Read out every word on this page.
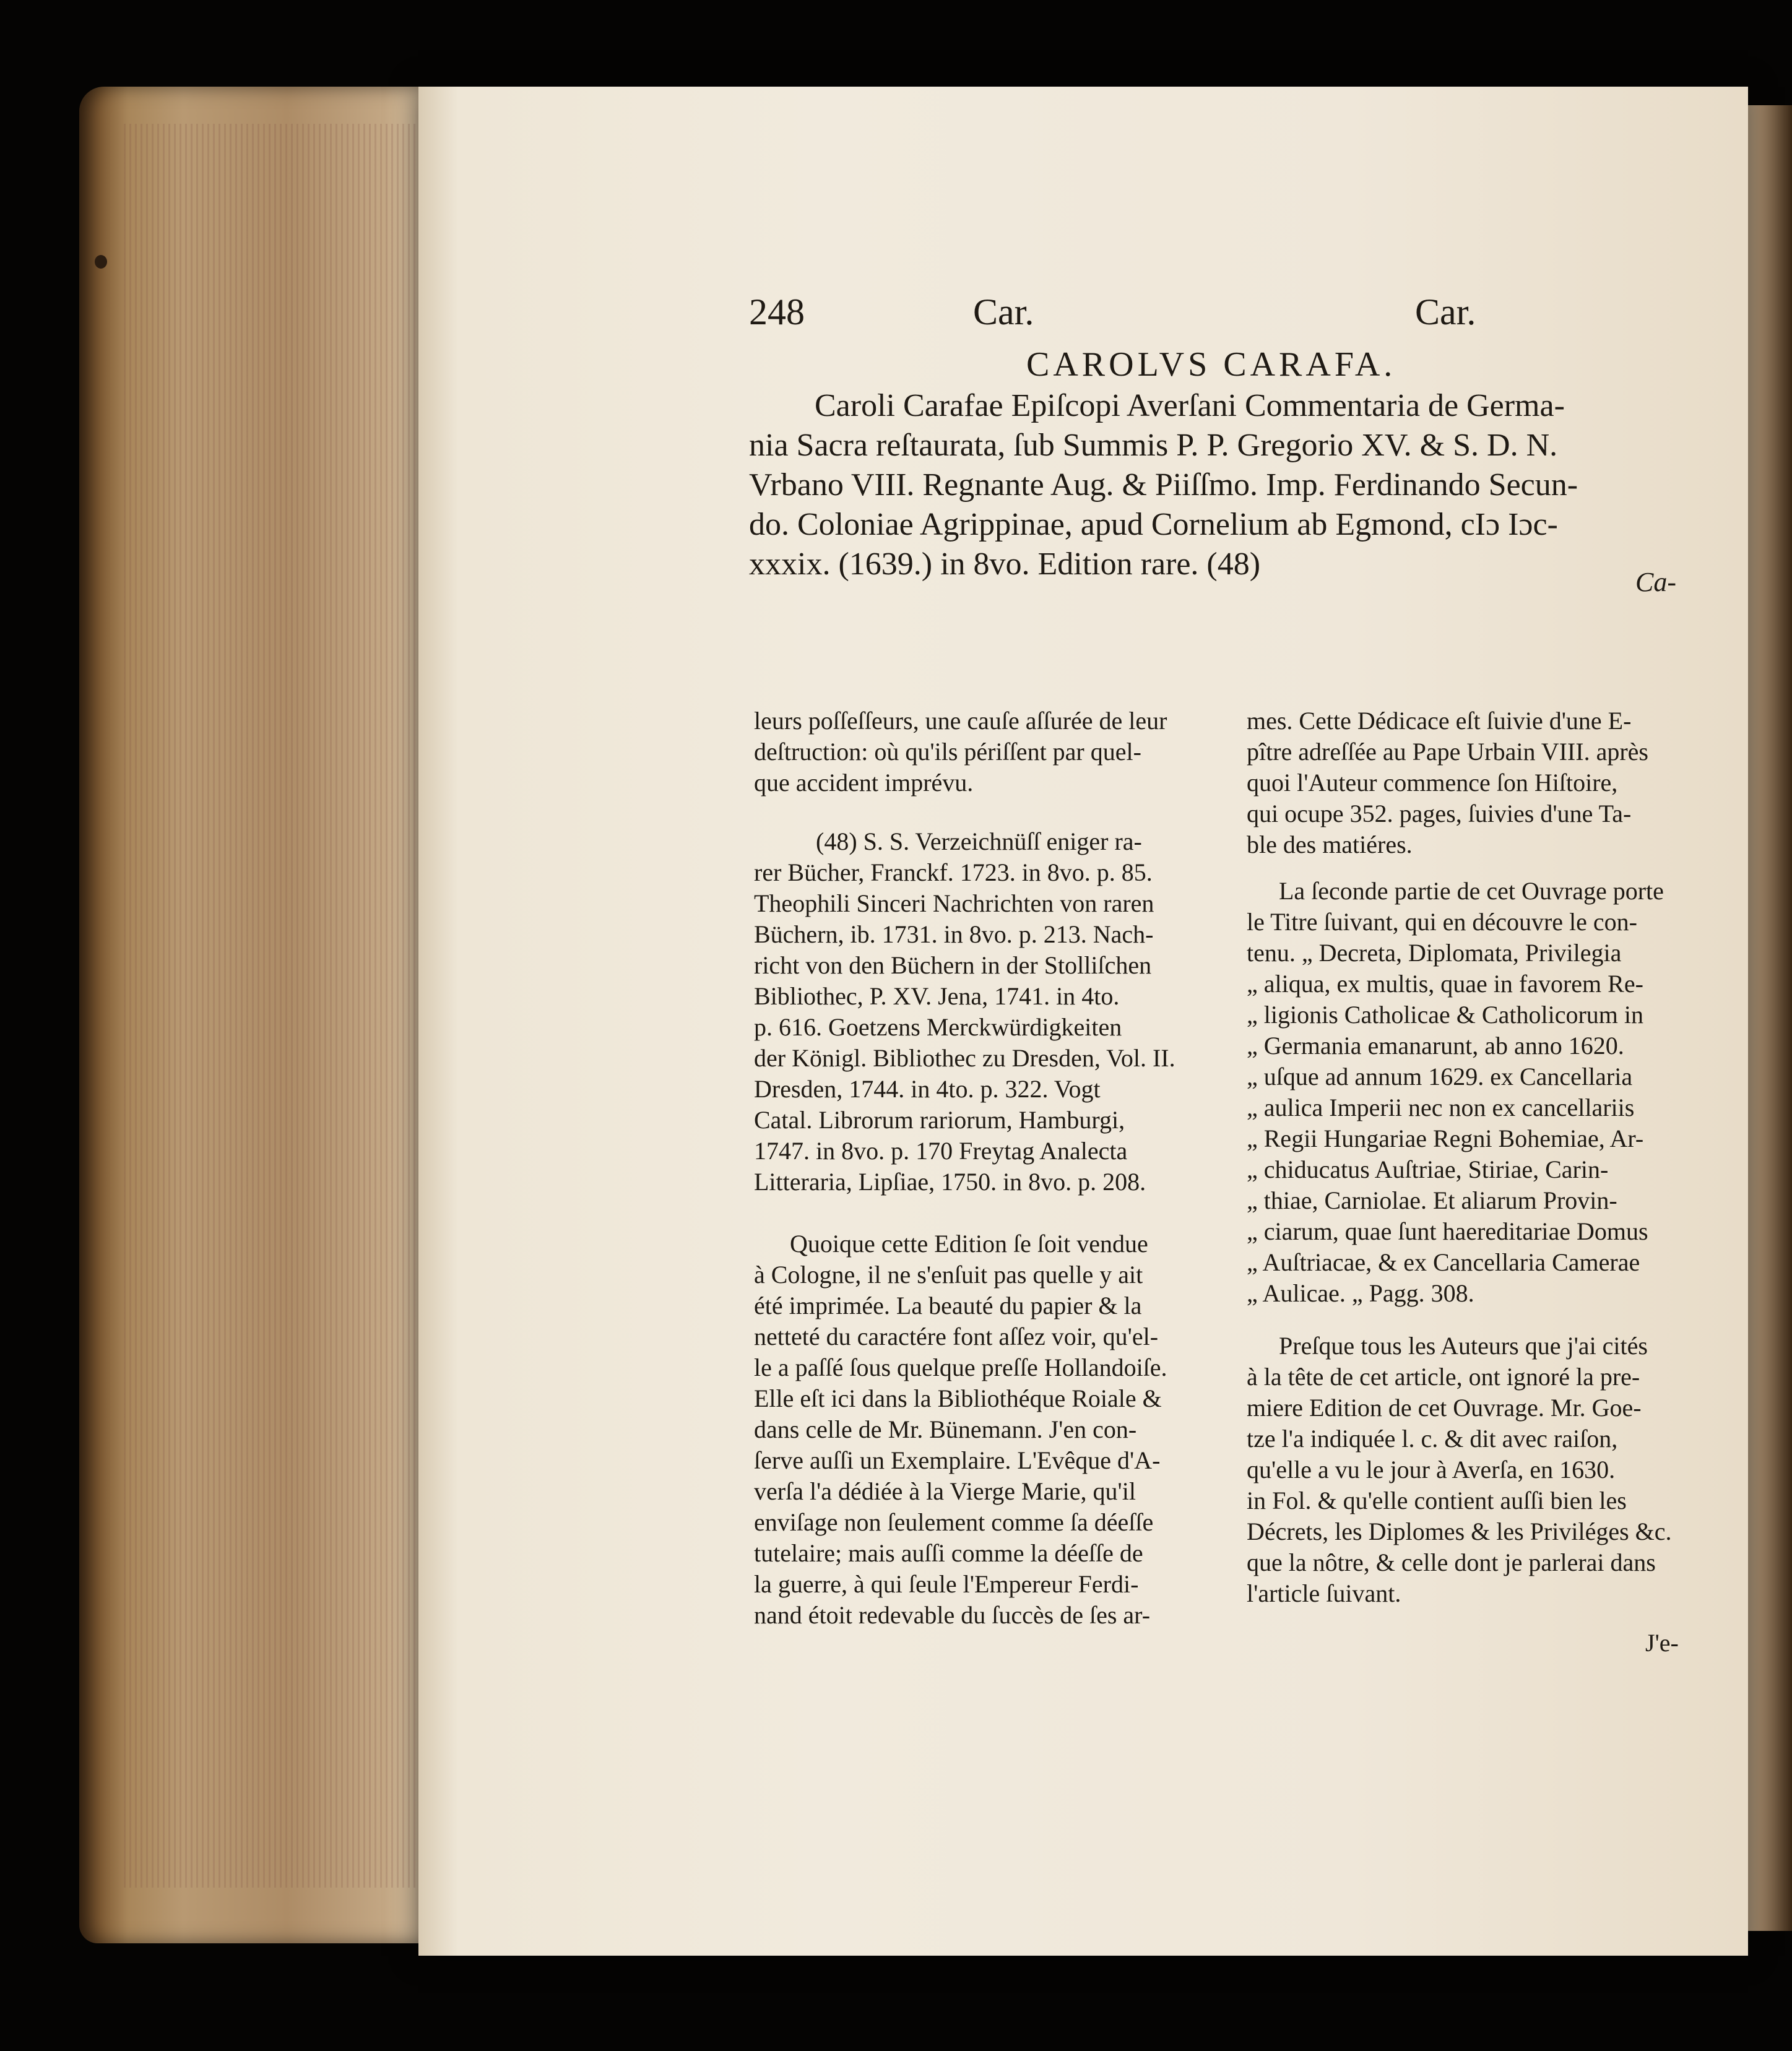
248	Car.	Car.
CAROLVS CARAFA.
Caroli Carafae Epiſcopi Averſani Commentaria de Germa-
nia Sacra reſtaurata, ſub Summis P. P. Gregorio XV. & S. D. N.
Vrbano VIII. Regnante Aug. & Piiſſmo. Imp. Ferdinando Secun-
do. Coloniae Agrippinae, apud Cornelium ab Egmond, cIɔ Iɔc-
xxxix. (1639.) in 8vo. Edition rare. (48)
Ca-
leurs poſſeſſeurs, une cauſe aſſurée de leur
deſtruction: où qu'ils périſſent par quel-
que accident imprévu.
(48) S. S. Verzeichnüſſ eniger ra-
rer Bücher, Franckf. 1723. in 8vo. p. 85.
Theophili Sinceri Nachrichten von raren
Büchern, ib. 1731. in 8vo. p. 213. Nach-
richt von den Büchern in der Stolliſchen
Bibliothec, P. XV. Jena, 1741. in 4to.
p. 616. Goetzens Merckwürdigkeiten
der Königl. Bibliothec zu Dresden, Vol. II.
Dresden, 1744. in 4to. p. 322. Vogt
Catal. Librorum rariorum, Hamburgi,
1747. in 8vo. p. 170 Freytag Analecta
Litteraria, Lipſiae, 1750. in 8vo. p. 208.
Quoique cette Edition ſe ſoit vendue
à Cologne, il ne s'enſuit pas quelle y ait
été imprimée. La beauté du papier & la
netteté du caractére font aſſez voir, qu'el-
le a paſſé ſous quelque preſſe Hollandoiſe.
Elle eſt ici dans la Bibliothéque Roiale &
dans celle de Mr. Bünemann. J'en con-
ſerve auſſi un Exemplaire. L'Evêque d'A-
verſa l'a dédiée à la Vierge Marie, qu'il
enviſage non ſeulement comme ſa déeſſe
tutelaire; mais auſſi comme la déeſſe de
la guerre, à qui ſeule l'Empereur Ferdi-
nand étoit redevable du ſuccès de ſes ar-
mes. Cette Dédicace eſt ſuivie d'une E-
pître adreſſée au Pape Urbain VIII. après
quoi l'Auteur commence ſon Hiſtoire,
qui ocupe 352. pages, ſuivies d'une Ta-
ble des matiéres.
La ſeconde partie de cet Ouvrage porte
le Titre ſuivant, qui en découvre le con-
tenu. „ Decreta, Diplomata, Privilegia
„ aliqua, ex multis, quae in favorem Re-
„ ligionis Catholicae & Catholicorum in
„ Germania emanarunt, ab anno 1620.
„ uſque ad annum 1629. ex Cancellaria
„ aulica Imperii nec non ex cancellariis
„ Regii Hungariae Regni Bohemiae, Ar-
„ chiducatus Auſtriae, Stiriae, Carin-
„ thiae, Carniolae. Et aliarum Provin-
„ ciarum, quae ſunt haereditariae Domus
„ Auſtriacae, & ex Cancellaria Camerae
„ Aulicae. „ Pagg. 308.
Preſque tous les Auteurs que j'ai cités
à la tête de cet article, ont ignoré la pre-
miere Edition de cet Ouvrage. Mr. Goe-
tze l'a indiquée l. c. & dit avec raiſon,
qu'elle a vu le jour à Averſa, en 1630.
in Fol. & qu'elle contient auſſi bien les
Décrets, les Diplomes & les Priviléges &c.
que la nôtre, & celle dont je parlerai dans
l'article ſuivant.
J'e-
